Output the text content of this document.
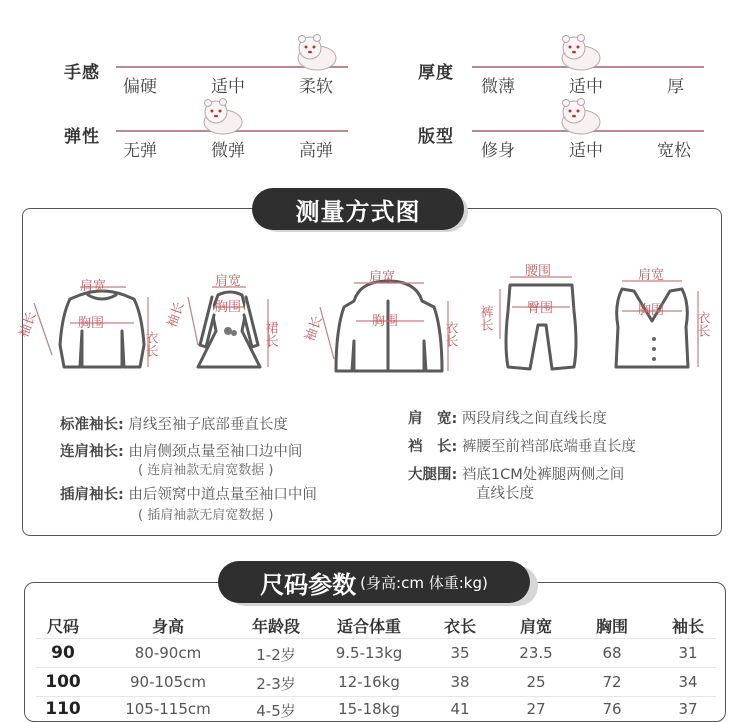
手感
偏硬	适中	柔软
厚度
微薄	适中	厚
弹性
无弹	微弹	高弹
版型
修身	适中	宽松
测量方式图
肩宽
胸围
袖长
衣长
肩宽
胸围
袖长
裙长
肩宽
胸围
袖长	衣长
腰围
臀围
裤长
肩宽
胸围
衣长
标准袖长: 肩线至袖子底部垂直长度
连肩袖长: 由肩侧颈点量至袖口边中间
( 连肩袖款无肩宽数据 )
插肩袖长: 由后领窝中道点量至袖口中间
( 插肩袖款无肩宽数据 )
肩　宽: 两段肩线之间直线长度
裆　长: 裤腰至前裆部底端垂直长度
大腿围: 裆底1CM处裤腿两侧之间
直线长度
尺码参数 (身高:cm 体重:kg)
尺码	身高	年龄段	适合体重	衣长	肩宽	胸围	袖长
90	80-90cm	1-2岁	9.5-13kg	35	23.5	68	31
100	90-105cm	2-3岁	12-16kg	38	25	72	34
110	105-115cm	4-5岁	15-18kg	41	27	76	37
